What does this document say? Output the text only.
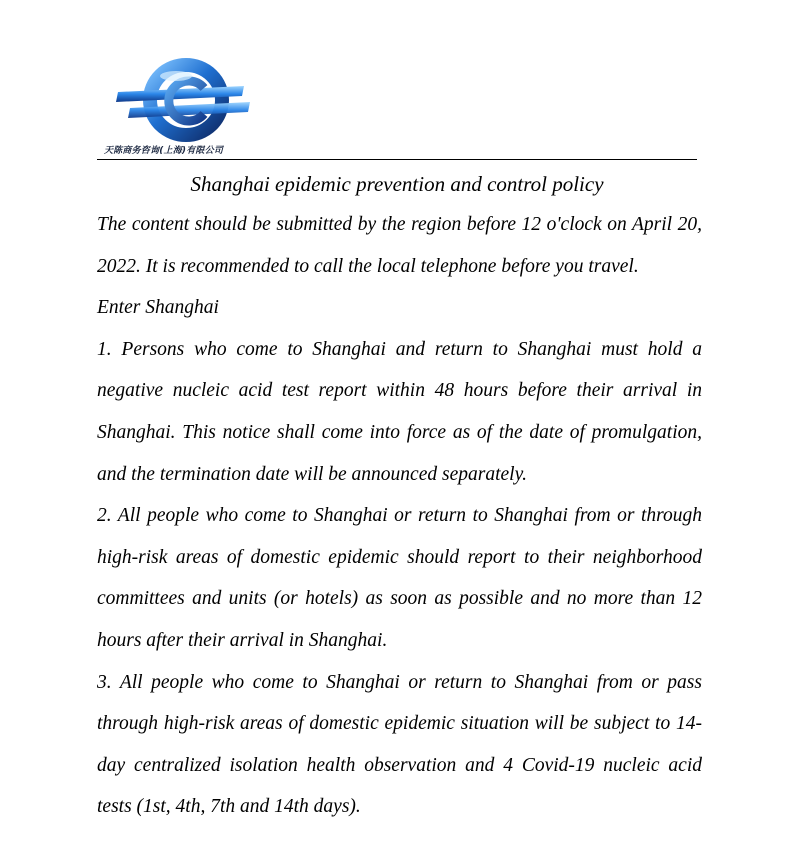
天陈商务咨询(上海)有限公司
Shanghai epidemic prevention and control policy

The content should be submitted by the region before 12 o'clock on April 20, 2022. It is recommended to call the local telephone before you travel.

Enter Shanghai

1. Persons who come to Shanghai and return to Shanghai must hold a negative nucleic acid test report within 48 hours before their arrival in Shanghai. This notice shall come into force as of the date of promulgation, and the termination date will be announced separately.

2. All people who come to Shanghai or return to Shanghai from or through high-risk areas of domestic epidemic should report to their neighborhood committees and units (or hotels) as soon as possible and no more than 12 hours after their arrival in Shanghai.

3. All people who come to Shanghai or return to Shanghai from or pass through high-risk areas of domestic epidemic situation will be subject to 14-day centralized isolation health observation and 4 Covid-19 nucleic acid tests (1st, 4th, 7th and 14th days).
